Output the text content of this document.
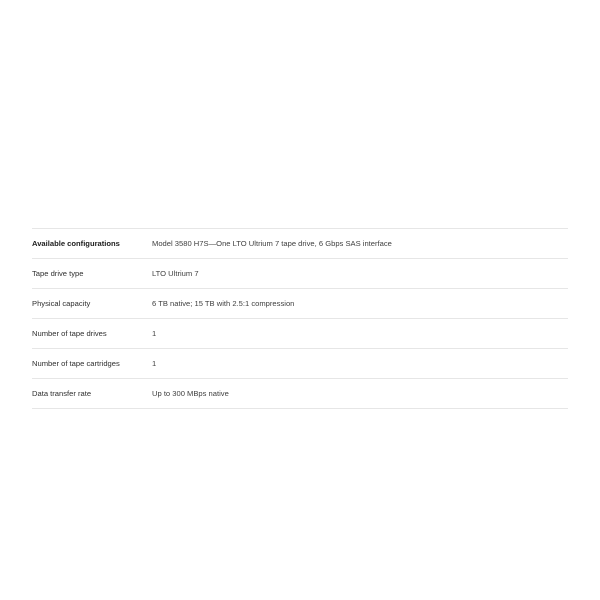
Available configurations	Model 3580 H7S—One LTO Ultrium 7 tape drive, 6 Gbps SAS interface

Tape drive type	LTO Ultrium 7

Physical capacity	6 TB native; 15 TB with 2.5:1 compression

Number of tape drives	1

Number of tape cartridges	1

Data transfer rate	Up to 300 MBps native
